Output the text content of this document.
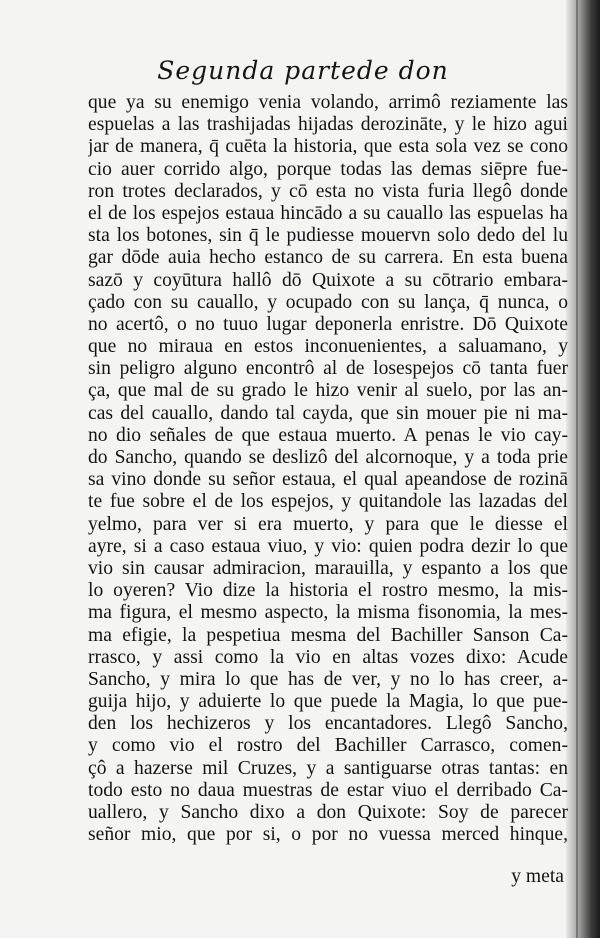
Segunda partede don
que ya su enemigo venia volando, arrimô reziamente las
espuelas a las trashijadas hijadas derozināte, y le hizo agui
jar de manera, q̄ cuēta la historia, que esta sola vez se cono
cio auer corrido algo, porque todas las demas siēpre fue-
ron trotes declarados, y cō esta no vista furia llegô donde
el de los espejos estaua hincādo a su cauallo las espuelas ha
sta los botones, sin q̄ le pudiesse mouervn solo dedo del lu
gar dōde auia hecho estanco de su carrera. En esta buena
sazō y coyūtura hallô dō Quixote a su cōtrario embara-
çado con su cauallo, y ocupado con su lança, q̄ nunca, o
no acertô, o no tuuo lugar deponerla enristre. Dō Quixote
que no miraua en estos inconuenientes, a saluamano, y
sin peligro alguno encontrô al de losespejos cō tanta fuer
ça, que mal de su grado le hizo venir al suelo, por las an-
cas del cauallo, dando tal cayda, que sin mouer pie ni ma-
no dio señales de que estaua muerto. A penas le vio cay-
do Sancho, quando se deslizô del alcornoque, y a toda prie
sa vino donde su señor estaua, el qual apeandose de rozinā
te fue sobre el de los espejos, y quitandole las lazadas del
yelmo, para ver si era muerto, y para que le diesse el
ayre, si a caso estaua viuo, y vio: quien podra dezir lo que
vio sin causar admiracion, marauilla, y espanto a los que
lo oyeren? Vio dize la historia el rostro mesmo, la mis-
ma figura, el mesmo aspecto, la misma fisonomia, la mes-
ma efigie, la pespetiua mesma del Bachiller Sanson Ca-
rrasco, y assi como la vio en altas vozes dixo: Acude
Sancho, y mira lo que has de ver, y no lo has creer, a-
guija hijo, y aduierte lo que puede la Magia, lo que pue-
den los hechizeros y los encantadores. Llegô Sancho,
y como vio el rostro del Bachiller Carrasco, comen-
çô a hazerse mil Cruzes, y a santiguarse otras tantas: en
todo esto no daua muestras de estar viuo el derribado Ca-
uallero, y Sancho dixo a don Quixote: Soy de parecer
señor mio, que por si, o por no vuessa merced hinque,
y meta
